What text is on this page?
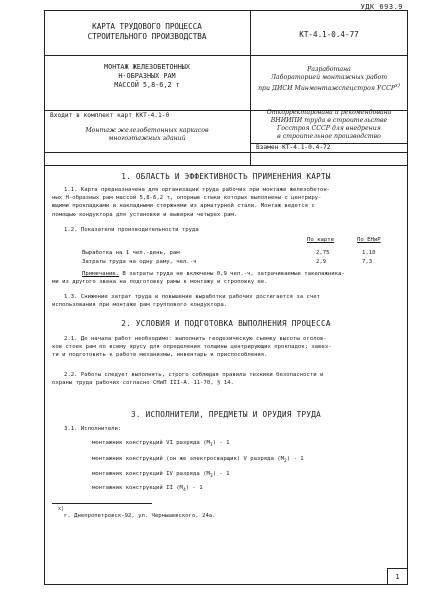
УДК 693.9
КАРТА ТРУДОВОГО ПРОЦЕССА
СТРОИТЕЛЬНОГО ПРОИЗВОДСТВА	КТ-4.1-0.4-77
МОНТАЖ ЖЕЛЕЗОБЕТОННЫХ
Н-ОБРАЗНЫХ РАМ
МАССОЙ 5,8-6,2 т
Разработана
Лабораторией монтажных работ
при ДИСИ Минмонтажспецстроя УССР$^{x)}$
Входит в комплект карт ККТ-4.1-0
Монтаж железобетонных каркасов
многоэтажных зданий
Откорректирована и рекомендована
ВНИИПИ труда в строительстве
Госстроя СССР для внедрения
в строительное производство
Взамен КТ-4.1-0.4-72
1. ОБЛАСТЬ И ЭФФЕКТИВНОСТЬ ПРИМЕНЕНИЯ КАРТЫ
1.1. Карта предназначена для организации труда рабочих при монтаже железобетон-
ных Н-образных рам массой 5,8-6,2 т, опорные стыки которых выполнены с центриру-
ющими прокладками и накладными стержнями из арматурной стали. Монтаж ведется с
помощью кондуктора для установки и выверки четырех рам.
1.2. Показатели производительности труда
По карте	По ЕНиР
Выработка на 1 чел.-день, рам	2,75	1,10
Затраты труда на одну раму, чел.-ч	2,9	7,3
Примечание. В затраты труда не включены 0,9 чел.-ч, затрачиваемые такелажника-
ми из другого звена на подготовку рамы к монтажу и строповку ее.
1.3. Снижение затрат труда и повышение выработки рабочих достигается за счет
использования при монтаже рам группового кондуктора.
2. УСЛОВИЯ И ПОДГОТОВКА ВЫПОЛНЕНИЯ ПРОЦЕССА
2.1. До начала работ необходимо: выполнить геодезическую съемку высоты оголов-
ков стоек рам по всему ярусу для определения толщины центрирующих прокладок; завез-
ти и подготовить к работе механизмы, инвентарь и приспособления.
2.2. Работы следует выполнять, строго соблюдая правила техники безопасности и
охраны труда рабочих согласно СНиП III-А. 11-70, § 14.
3. ИСПОЛНИТЕЛИ, ПРЕДМЕТЫ И ОРУДИЯ ТРУДА
3.1. Исполнители:
монтажник конструкций VI разряда $(М_1) - 1$
монтажник конструкций (он же электросварщик) V разряда $(М_2) - 1$
монтажник конструкций IV разряда $(М_3) - 1$
монтажник конструкций II $(М_4) - 1$
x)
г. Днепропетровск-92, ул. Чернышевского, 24а.
1
